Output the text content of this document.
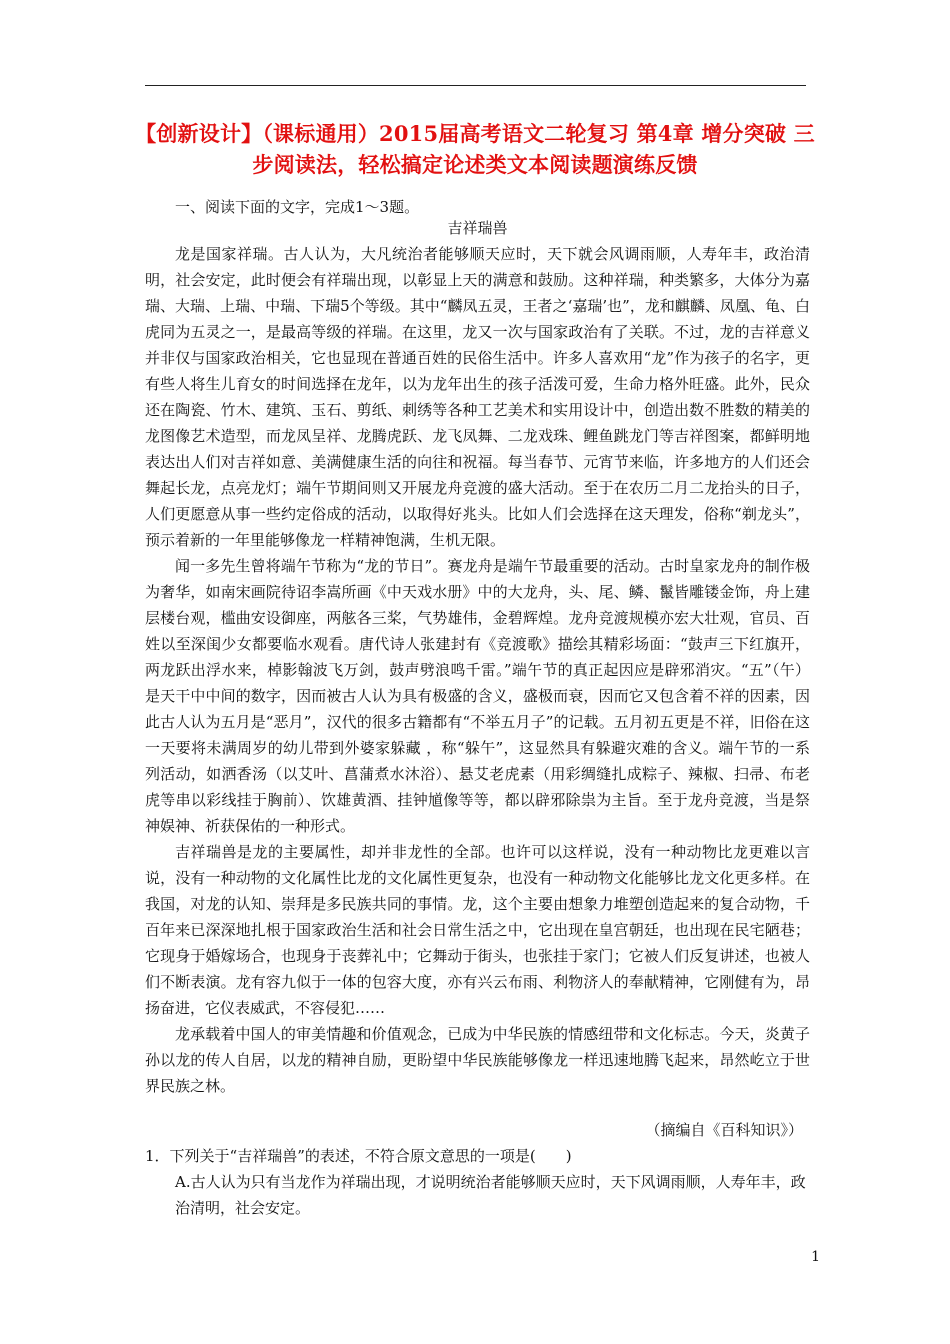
【创新设计】（课标通用）2015届高考语文二轮复习 第4章 增分突破 三步阅读法，轻松搞定论述类文本阅读题演练反馈

一、阅读下面的文字，完成1～3题。

吉祥瑞兽

龙是国家祥瑞。古人认为，大凡统治者能够顺天应时，天下就会风调雨顺，人寿年丰，政治清明，社会安定，此时便会有祥瑞出现，以彰显上天的满意和鼓励。这种祥瑞，种类繁多，大体分为嘉瑞、大瑞、上瑞、中瑞、下瑞5个等级。其中“麟凤五灵，王者之‘嘉瑞’也”，龙和麒麟、凤凰、龟、白虎同为五灵之一，是最高等级的祥瑞。在这里，龙又一次与国家政治有了关联。不过，龙的吉祥意义并非仅与国家政治相关，它也显现在普通百姓的民俗生活中。许多人喜欢用“龙”作为孩子的名字，更有些人将生儿育女的时间选择在龙年，以为龙年出生的孩子活泼可爱，生命力格外旺盛。此外，民众还在陶瓷、竹木、建筑、玉石、剪纸、刺绣等各种工艺美术和实用设计中，创造出数不胜数的精美的龙图像艺术造型，而龙凤呈祥、龙腾虎跃、龙飞凤舞、二龙戏珠、鲤鱼跳龙门等吉祥图案，都鲜明地表达出人们对吉祥如意、美满健康生活的向往和祝福。每当春节、元宵节来临，许多地方的人们还会舞起长龙，点亮龙灯；端午节期间则又开展龙舟竞渡的盛大活动。至于在农历二月二龙抬头的日子，人们更愿意从事一些约定俗成的活动，以取得好兆头。比如人们会选择在这天理发，俗称“剃龙头”，预示着新的一年里能够像龙一样精神饱满，生机无限。

闻一多先生曾将端午节称为“龙的节日”。赛龙舟是端午节最重要的活动。古时皇家龙舟的制作极为奢华，如南宋画院待诏李嵩所画《中天戏水册》中的大龙舟，头、尾、鳞、鬣皆雕镂金饰，舟上建层楼台观，槛曲安设御座，两舷各三桨，气势雄伟，金碧辉煌。龙舟竞渡规模亦宏大壮观，官员、百姓以至深闺少女都要临水观看。唐代诗人张建封有《竞渡歌》描绘其精彩场面：“鼓声三下红旗开，两龙跃出浮水来，棹影翰波飞万剑，鼓声劈浪鸣千雷。”端午节的真正起因应是辟邪消灾。“五”（午）是天干中中间的数字，因而被古人认为具有极盛的含义，盛极而衰，因而它又包含着不祥的因素，因此古人认为五月是“恶月”，汉代的很多古籍都有“不举五月子”的记载。五月初五更是不祥，旧俗在这一天要将未满周岁的幼儿带到外婆家躲藏 ，称“躲午”，这显然具有躲避灾难的含义。端午节的一系列活动，如洒香汤（以艾叶、菖蒲煮水沐浴）、悬艾老虎素（用彩绸缝扎成粽子、辣椒、扫帚、布老虎等串以彩线挂于胸前）、饮雄黄酒、挂钟馗像等等，都以辟邪除祟为主旨。至于龙舟竞渡，当是祭神娱神、祈获保佑的一种形式。

吉祥瑞兽是龙的主要属性，却并非龙性的全部。也许可以这样说，没有一种动物比龙更难以言说，没有一种动物的文化属性比龙的文化属性更复杂，也没有一种动物文化能够比龙文化更多样。在我国，对龙的认知、崇拜是多民族共同的事情。龙，这个主要由想象力堆塑创造起来的复合动物，千百年来已深深地扎根于国家政治生活和社会日常生活之中，它出现在皇宫朝廷，也出现在民宅陋巷；它现身于婚嫁场合，也现身于丧葬礼中；它舞动于街头，也张挂于家门；它被人们反复讲述，也被人们不断表演。龙有容九似于一体的包容大度，亦有兴云布雨、利物济人的奉献精神，它刚健有为，昂扬奋进，它仪表威武，不容侵犯……

龙承载着中国人的审美情趣和价值观念，已成为中华民族的情感纽带和文化标志。今天，炎黄子孙以龙的传人自居，以龙的精神自励，更盼望中华民族能够像龙一样迅速地腾飞起来，昂然屹立于世界民族之林。

（摘编自《百科知识》）
1．下列关于“吉祥瑞兽”的表述，不符合原文意思的一项是(　　)
A.古人认为只有当龙作为祥瑞出现，才说明统治者能够顺天应时，天下风调雨顺，人寿年丰，政治清明，社会安定。
1
